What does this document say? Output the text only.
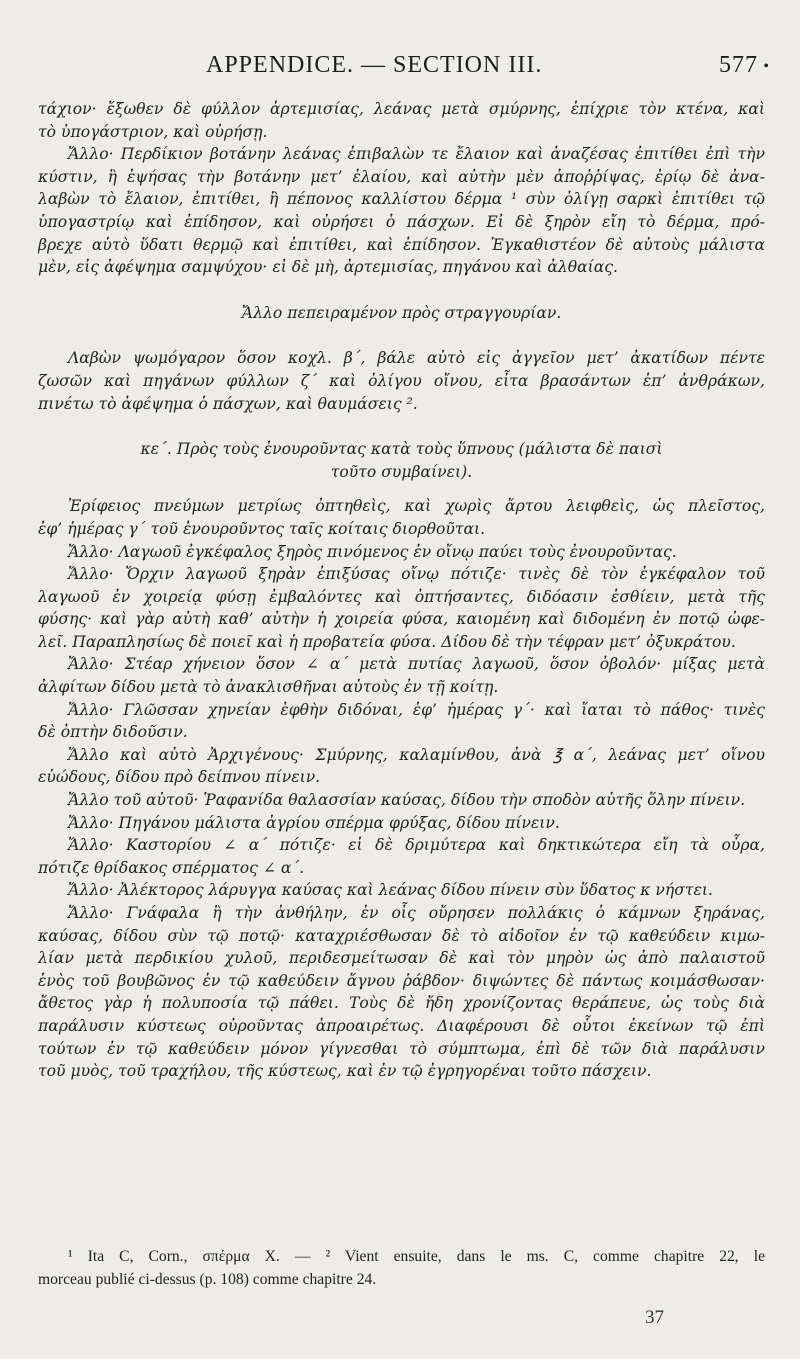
APPENDICE. — SECTION III.	577 •
τάχιον· ἔξωθεν δὲ φύλλον ἀρτεμισίας, λεάνας μετὰ σμύρνης, ἐπίχριε τὸν κτένα, καὶ
τὸ ὑπογάστριον, καὶ οὐρήσῃ.
Ἄλλο· Περδίκιον βοτάνην λεάνας ἐπιβαλὼν τε ἔλαιον καὶ ἀναζέσας ἐπιτίθει ἐπὶ τὴν
κύστιν, ἢ ἑψήσας τὴν βοτάνην μετ’ ἐλαίου, καὶ αὐτὴν μὲν ἀποῤῥίψας, ἐρίῳ δὲ ἀνα-
λαβὼν τὸ ἔλαιον, ἐπιτίθει, ἢ πέπονος καλλίστου δέρμα ¹ σὺν ὀλίγῃ σαρκὶ ἐπιτίθει τῷ
ὑπογαστρίῳ καὶ ἐπίδησον, καὶ οὐρήσει ὁ πάσχων. Εἰ δὲ ξηρὸν εἴη τὸ δέρμα, πρό-
βρεχε αὐτὸ ὕδατι θερμῷ καὶ ἐπιτίθει, καὶ ἐπίδησον. Ἐγκαθιστέον δὲ αὐτοὺς μάλιστα
μὲν, εἰς ἀφέψημα σαμψύχου· εἰ δὲ μὴ, ἀρτεμισίας, πηγάνου καὶ ἀλθαίας.
Ἄλλο πεπειραμένον πρὸς στραγγουρίαν.
Λαβὼν ψωμόγαρον ὅσον κοχλ. β΄, βάλε αὐτὸ εἰς ἀγγεῖον μετ’ ἀκατίδων πέντε
ζωσῶν καὶ πηγάνων φύλλων ζ΄ καὶ ὀλίγου οἴνου, εἶτα βρασάντων ἐπ’ ἀνθράκων,
πινέτω τὸ ἀφέψημα ὁ πάσχων, καὶ θαυμάσεις ².
κε΄. Πρὸς τοὺς ἐνουροῦντας κατὰ τοὺς ὕπνους (μάλιστα δὲ παισὶ
τοῦτο συμβαίνει).
Ἐρίφειος πνεύμων μετρίως ὀπτηθεὶς, καὶ χωρὶς ἄρτου λειφθεὶς, ὡς πλεῖστος,
ἐφ’ ἡμέρας γ΄ τοῦ ἐνουροῦντος ταῖς κοίταις διορθοῦται.
Ἄλλο· Λαγωοῦ ἐγκέφαλος ξηρὸς πινόμενος ἐν οἴνῳ παύει τοὺς ἐνουροῦντας.
Ἄλλο· Ὄρχιν λαγωοῦ ξηρὰν ἐπιξύσας οἴνῳ πότιζε· τινὲς δὲ τὸν ἐγκέφαλον τοῦ
λαγωοῦ ἐν χοιρείᾳ φύσῃ ἐμβαλόντες καὶ ὀπτήσαντες, διδόασιν ἐσθίειν, μετὰ τῆς
φύσης· καὶ γὰρ αὐτὴ καθ’ αὑτὴν ἡ χοιρεία φύσα, καιομένη καὶ διδομένη ἐν ποτῷ ὠφε-
λεῖ. Παραπλησίως δὲ ποιεῖ καὶ ἡ προβατεία φύσα. Δίδου δὲ τὴν τέφραν μετ’ ὀξυκράτου.
Ἄλλο· Στέαρ χήνειον ὅσον ∠ α΄ μετὰ πυτίας λαγωοῦ, ὅσον ὀβολόν· μίξας μετὰ
ἀλφίτων δίδου μετὰ τὸ ἀνακλισθῆναι αὐτοὺς ἐν τῇ κοίτῃ.
Ἄλλο· Γλῶσσαν χηνείαν ἑφθὴν διδόναι, ἐφ’ ἡμέρας γ΄· καὶ ἴαται τὸ πάθος· τινὲς
δὲ ὀπτὴν διδοῦσιν.
Ἄλλο καὶ αὐτὸ Ἀρχιγένους· Σμύρνης, καλαμίνθου, ἀνὰ ℥ α΄, λεάνας μετ’ οἴνου
εὐώδους, δίδου πρὸ δείπνου πίνειν.
Ἄλλο τοῦ αὐτοῦ· Ῥαφανίδα θαλασσίαν καύσας, δίδου τὴν σποδὸν αὐτῆς ὅλην πίνειν.
Ἄλλο· Πηγάνου μάλιστα ἀγρίου σπέρμα φρύξας, δίδου πίνειν.
Ἄλλο· Καστορίου ∠ α΄ πότιζε· εἰ δὲ δριμύτερα καὶ δηκτικώτερα εἴη τὰ οὖρα,
πότιζε θρίδακος σπέρματος ∠ α΄.
Ἄλλο· Ἀλέκτορος λάρυγγα καύσας καὶ λεάνας δίδου πίνειν σὺν ὕδατος κ νήστει.
Ἄλλο· Γνάφαλα ἢ τὴν ἀνθήλην, ἐν οἷς οὔρησεν πολλάκις ὁ κάμνων ξηράνας,
καύσας, δίδου σὺν τῷ ποτῷ· καταχριέσθωσαν δὲ τὸ αἰδοῖον ἐν τῷ καθεύδειν κιμω-
λίαν μετὰ περδικίου χυλοῦ, περιδεσμείτωσαν δὲ καὶ τὸν μηρὸν ὡς ἀπὸ παλαιστοῦ
ἑνὸς τοῦ βουβῶνος ἐν τῷ καθεύδειν ἄγνου ῥάβδον· διψώντες δὲ πάντως κοιμάσθωσαν·
ἄθετος γὰρ ἡ πολυποσία τῷ πάθει. Τοὺς δὲ ἤδη χρονίζοντας θεράπευε, ὡς τοὺς διὰ
παράλυσιν κύστεως οὐροῦντας ἀπροαιρέτως. Διαφέρουσι δὲ οὗτοι ἐκείνων τῷ ἐπὶ
τούτων ἐν τῷ καθεύδειν μόνον γίγνεσθαι τὸ σύμπτωμα, ἐπὶ δὲ τῶν διὰ παράλυσιν
τοῦ μυὸς, τοῦ τραχήλου, τῆς κύστεως, καὶ ἐν τῷ ἐγρηγορέναι τοῦτο πάσχειν.
¹ Ita C, Corn., σπέρμα X. — ² Vient ensuite, dans le ms. C, comme chapitre 22, le
morceau publié ci-dessus (p. 108) comme chapitre 24.
37
